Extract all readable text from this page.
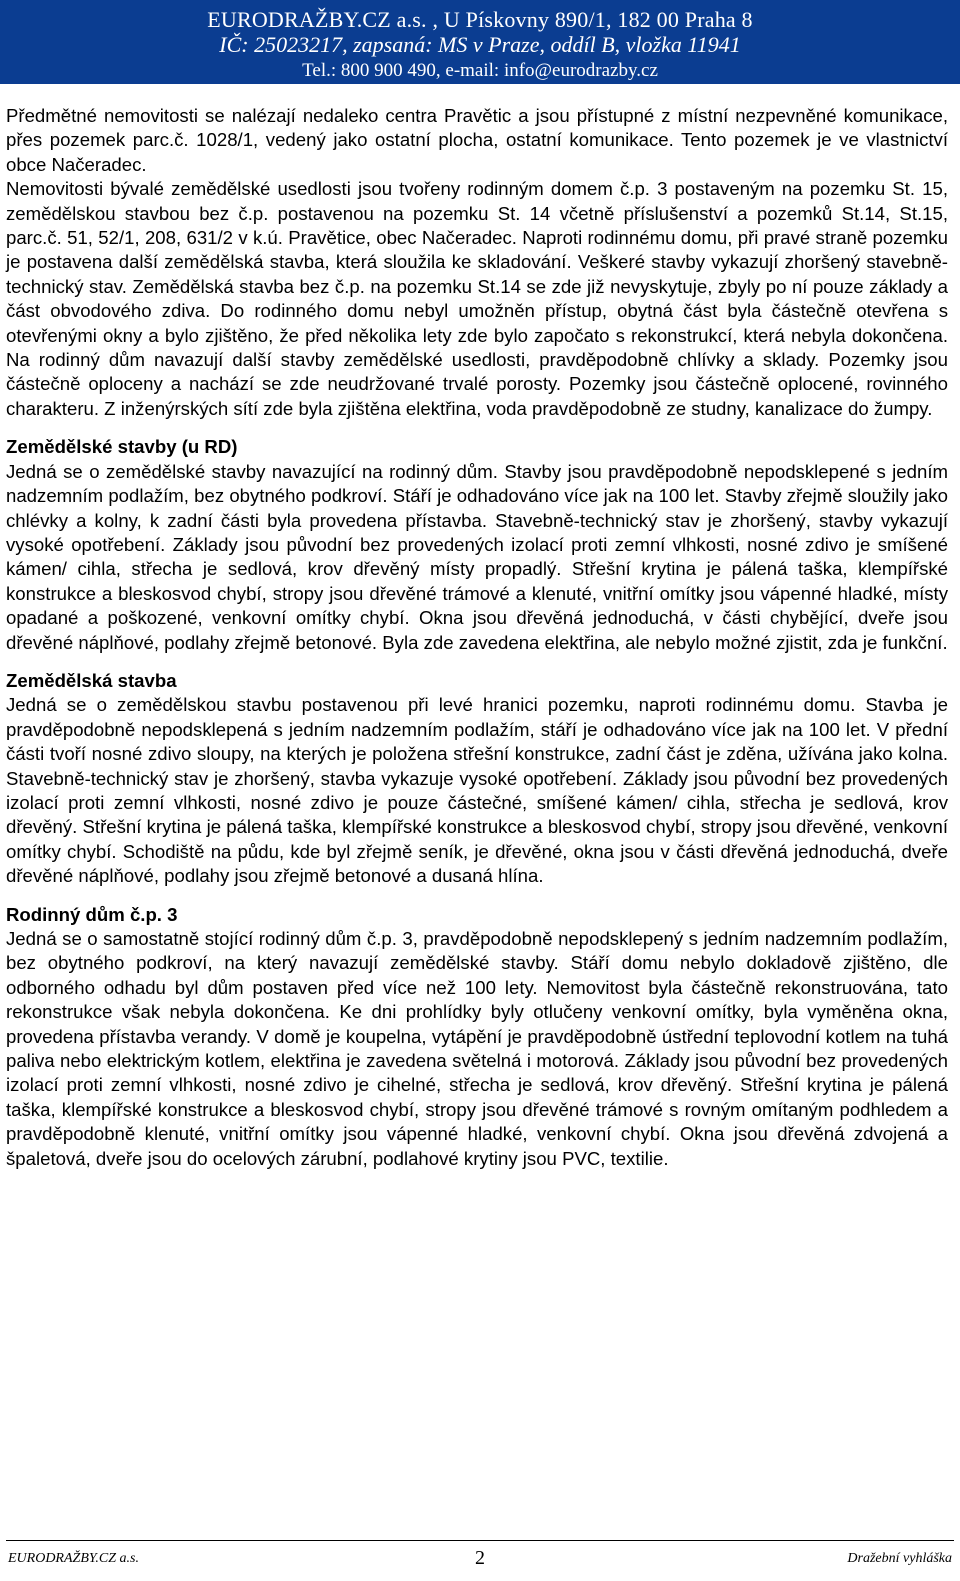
EURODRAŽBY.CZ a.s. , U Pískovny 890/1, 182 00 Praha 8
IČ: 25023217, zapsaná: MS v Praze, oddíl B, vložka 11941
Tel.: 800 900 490, e-mail: info@eurodrazby.cz

Předmětné nemovitosti se nalézají nedaleko centra Pravětic a jsou přístupné z místní nezpevněné komunikace, přes pozemek parc.č. 1028/1, vedený jako ostatní plocha, ostatní komunikace. Tento pozemek je ve vlastnictví obce Načeradec.

Nemovitosti bývalé zemědělské usedlosti jsou tvořeny rodinným domem č.p. 3 postaveným na pozemku St. 15, zemědělskou stavbou bez č.p. postavenou na pozemku St. 14 včetně příslušenství a pozemků St.14, St.15, parc.č. 51, 52/1, 208, 631/2 v k.ú. Pravětice, obec Načeradec. Naproti rodinnému domu, při pravé straně pozemku je postavena další zemědělská stavba, která sloužila ke skladování. Veškeré stavby vykazují zhoršený stavebně-technický stav. Zemědělská stavba bez č.p. na pozemku St.14 se zde již nevyskytuje, zbyly po ní pouze základy a část obvodového zdiva. Do rodinného domu nebyl umožněn přístup, obytná část byla částečně otevřena s otevřenými okny a bylo zjištěno, že před několika lety zde bylo započato s rekonstrukcí, která nebyla dokončena. Na rodinný dům navazují další stavby zemědělské usedlosti, pravděpodobně chlívky a sklady. Pozemky jsou částečně oploceny a nachází se zde neudržované trvalé porosty. Pozemky jsou částečně oplocené, rovinného charakteru. Z inženýrských sítí zde byla zjištěna elektřina, voda pravděpodobně ze studny, kanalizace do žumpy.

Zemědělské stavby (u RD)

Jedná se o zemědělské stavby navazující na rodinný dům. Stavby jsou pravděpodobně nepodsklepené s jedním nadzemním podlažím, bez obytného podkroví. Stáří je odhadováno více jak na 100 let. Stavby zřejmě sloužily jako chlévky a kolny, k zadní části byla provedena přístavba. Stavebně-technický stav je zhoršený, stavby vykazují vysoké opotřebení. Základy jsou původní bez provedených izolací proti zemní vlhkosti, nosné zdivo je smíšené kámen/ cihla, střecha je sedlová, krov dřevěný místy propadlý. Střešní krytina je pálená taška, klempířské konstrukce a bleskosvod chybí, stropy jsou dřevěné trámové a klenuté, vnitřní omítky jsou vápenné hladké, místy opadané a poškozené, venkovní omítky chybí. Okna jsou dřevěná jednoduchá, v části chybějící, dveře jsou dřevěné náplňové, podlahy zřejmě betonové. Byla zde zavedena elektřina, ale nebylo možné zjistit, zda je funkční.

Zemědělská stavba

Jedná se o zemědělskou stavbu postavenou při levé hranici pozemku, naproti rodinnému domu. Stavba je pravděpodobně nepodsklepená s jedním nadzemním podlažím, stáří je odhadováno více jak na 100 let. V přední části tvoří nosné zdivo sloupy, na kterých je položena střešní konstrukce, zadní část je zděna, užívána jako kolna. Stavebně-technický stav je zhoršený, stavba vykazuje vysoké opotřebení. Základy jsou původní bez provedených izolací proti zemní vlhkosti, nosné zdivo je pouze částečné, smíšené kámen/ cihla, střecha je sedlová, krov dřevěný. Střešní krytina je pálená taška, klempířské konstrukce a bleskosvod chybí, stropy jsou dřevěné, venkovní omítky chybí. Schodiště na půdu, kde byl zřejmě seník, je dřevěné, okna jsou v části dřevěná jednoduchá, dveře dřevěné náplňové, podlahy jsou zřejmě betonové a dusaná hlína.

Rodinný dům č.p. 3

Jedná se o samostatně stojící rodinný dům č.p. 3, pravděpodobně nepodsklepený s jedním nadzemním podlažím, bez obytného podkroví, na který navazují zemědělské stavby. Stáří domu nebylo dokladově zjištěno, dle odborného odhadu byl dům postaven před více než 100 lety. Nemovitost byla částečně rekonstruována, tato rekonstrukce však nebyla dokončena. Ke dni prohlídky byly otlučeny venkovní omítky, byla vyměněna okna, provedena přístavba verandy. V domě je koupelna, vytápění je pravděpodobně ústřední teplovodní kotlem na tuhá paliva nebo elektrickým kotlem, elektřina je zavedena světelná i motorová. Základy jsou původní bez provedených izolací proti zemní vlhkosti, nosné zdivo je cihelné, střecha je sedlová, krov dřevěný. Střešní krytina je pálená taška, klempířské konstrukce a bleskosvod chybí, stropy jsou dřevěné trámové s rovným omítaným podhledem a pravděpodobně klenuté, vnitřní omítky jsou vápenné hladké, venkovní chybí. Okna jsou dřevěná zdvojená a špaletová, dveře jsou do ocelových zárubní, podlahové krytiny jsou PVC, textilie.

EURODRAŽBY.CZ a.s.	2	Dražební vyhláška
